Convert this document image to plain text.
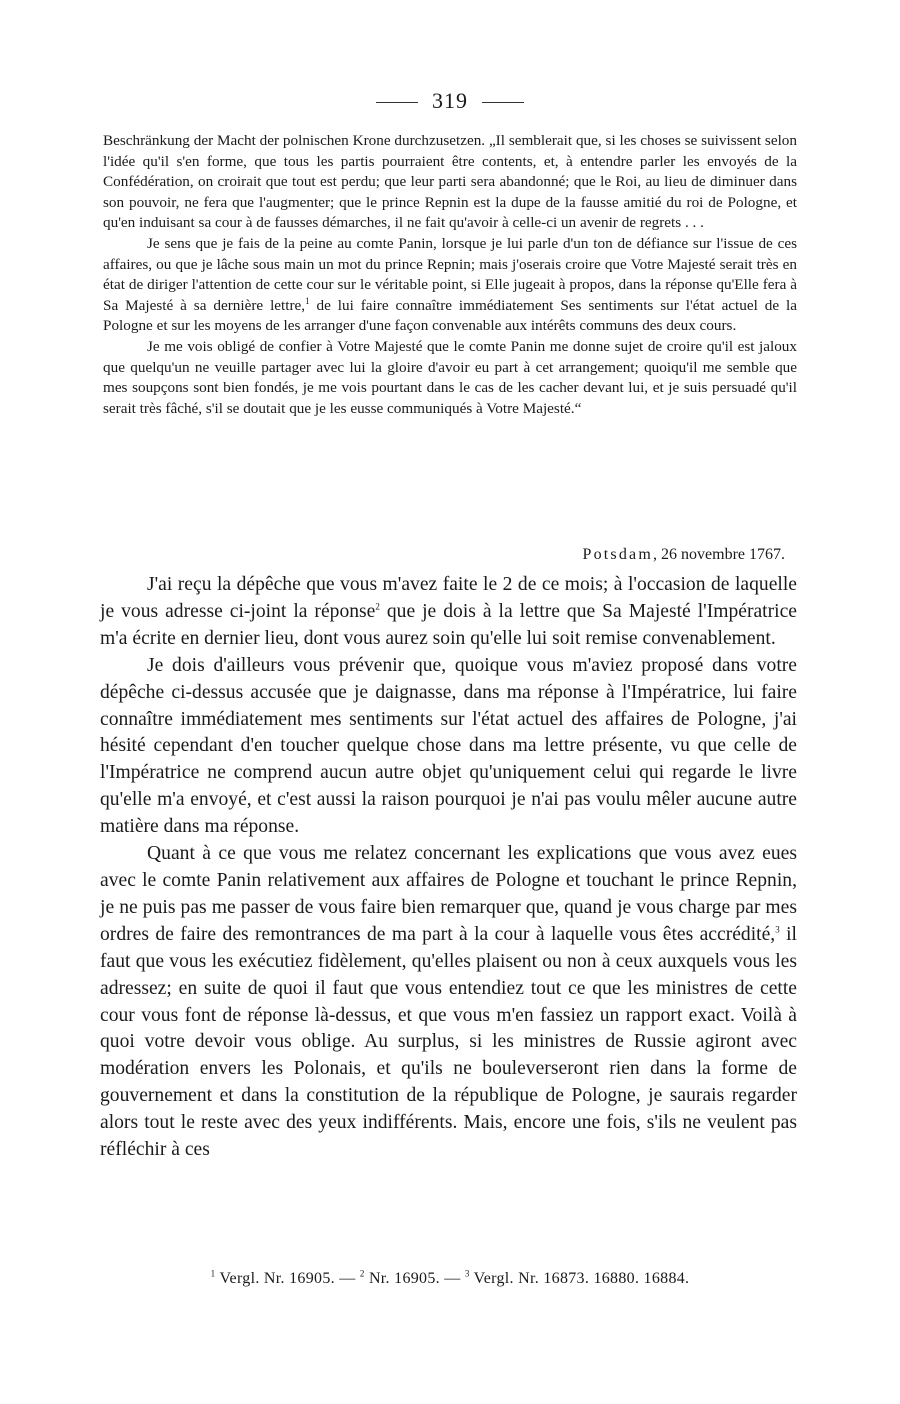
319

Beschränkung der Macht der polnischen Krone durchzusetzen. „Il semblerait que, si les choses se suivissent selon l'idée qu'il s'en forme, que tous les partis pourraient être contents, et, à entendre parler les envoyés de la Confédération, on croirait que tout est perdu; que leur parti sera abandonné; que le Roi, au lieu de diminuer dans son pouvoir, ne fera que l'augmenter; que le prince Repnin est la dupe de la fausse amitié du roi de Pologne, et qu'en induisant sa cour à de fausses démarches, il ne fait qu'avoir à celle-ci un avenir de regrets . . .

Je sens que je fais de la peine au comte Panin, lorsque je lui parle d'un ton de défiance sur l'issue de ces affaires, ou que je lâche sous main un mot du prince Repnin; mais j'oserais croire que Votre Majesté serait très en état de diriger l'attention de cette cour sur le véritable point, si Elle jugeait à propos, dans la réponse qu'Elle fera à Sa Majesté à sa dernière lettre,$^1$ de lui faire connaître immédiatement Ses sentiments sur l'état actuel de la Pologne et sur les moyens de les arranger d'une façon convenable aux intérêts communs des deux cours.

Je me vois obligé de confier à Votre Majesté que le comte Panin me donne sujet de croire qu'il est jaloux que quelqu'un ne veuille partager avec lui la gloire d'avoir eu part à cet arrangement; quoiqu'il me semble que mes soupçons sont bien fondés, je me vois pourtant dans le cas de les cacher devant lui, et je suis persuadé qu'il serait très fâché, s'il se doutait que je les eusse communiqués à Votre Majesté.“

Potsdam, 26 novembre 1767.

J'ai reçu la dépêche que vous m'avez faite le 2 de ce mois; à l'occasion de laquelle je vous adresse ci-joint la réponse$^2$ que je dois à la lettre que Sa Majesté l'Impératrice m'a écrite en dernier lieu, dont vous aurez soin qu'elle lui soit remise convenablement.

Je dois d'ailleurs vous prévenir que, quoique vous m'aviez proposé dans votre dépêche ci-dessus accusée que je daignasse, dans ma réponse à l'Impératrice, lui faire connaître immédiatement mes sentiments sur l'état actuel des affaires de Pologne, j'ai hésité cependant d'en toucher quelque chose dans ma lettre présente, vu que celle de l'Impératrice ne comprend aucun autre objet qu'uniquement celui qui regarde le livre qu'elle m'a envoyé, et c'est aussi la raison pourquoi je n'ai pas voulu mêler aucune autre matière dans ma réponse.

Quant à ce que vous me relatez concernant les explications que vous avez eues avec le comte Panin relativement aux affaires de Pologne et touchant le prince Repnin, je ne puis pas me passer de vous faire bien remarquer que, quand je vous charge par mes ordres de faire des remontrances de ma part à la cour à laquelle vous êtes accrédité,$^3$ il faut que vous les exécutiez fidèlement, qu'elles plaisent ou non à ceux auxquels vous les adressez; en suite de quoi il faut que vous entendiez tout ce que les ministres de cette cour vous font de réponse là-dessus, et que vous m'en fassiez un rapport exact. Voilà à quoi votre devoir vous oblige. Au surplus, si les ministres de Russie agiront avec modération envers les Polonais, et qu'ils ne bouleverseront rien dans la forme de gouvernement et dans la constitution de la république de Pologne, je saurais regarder alors tout le reste avec des yeux indifférents. Mais, encore une fois, s'ils ne veulent pas réfléchir à ces

$^1$ Vergl. Nr. 16905. — $^2$ Nr. 16905. — $^3$ Vergl. Nr. 16873. 16880. 16884.
